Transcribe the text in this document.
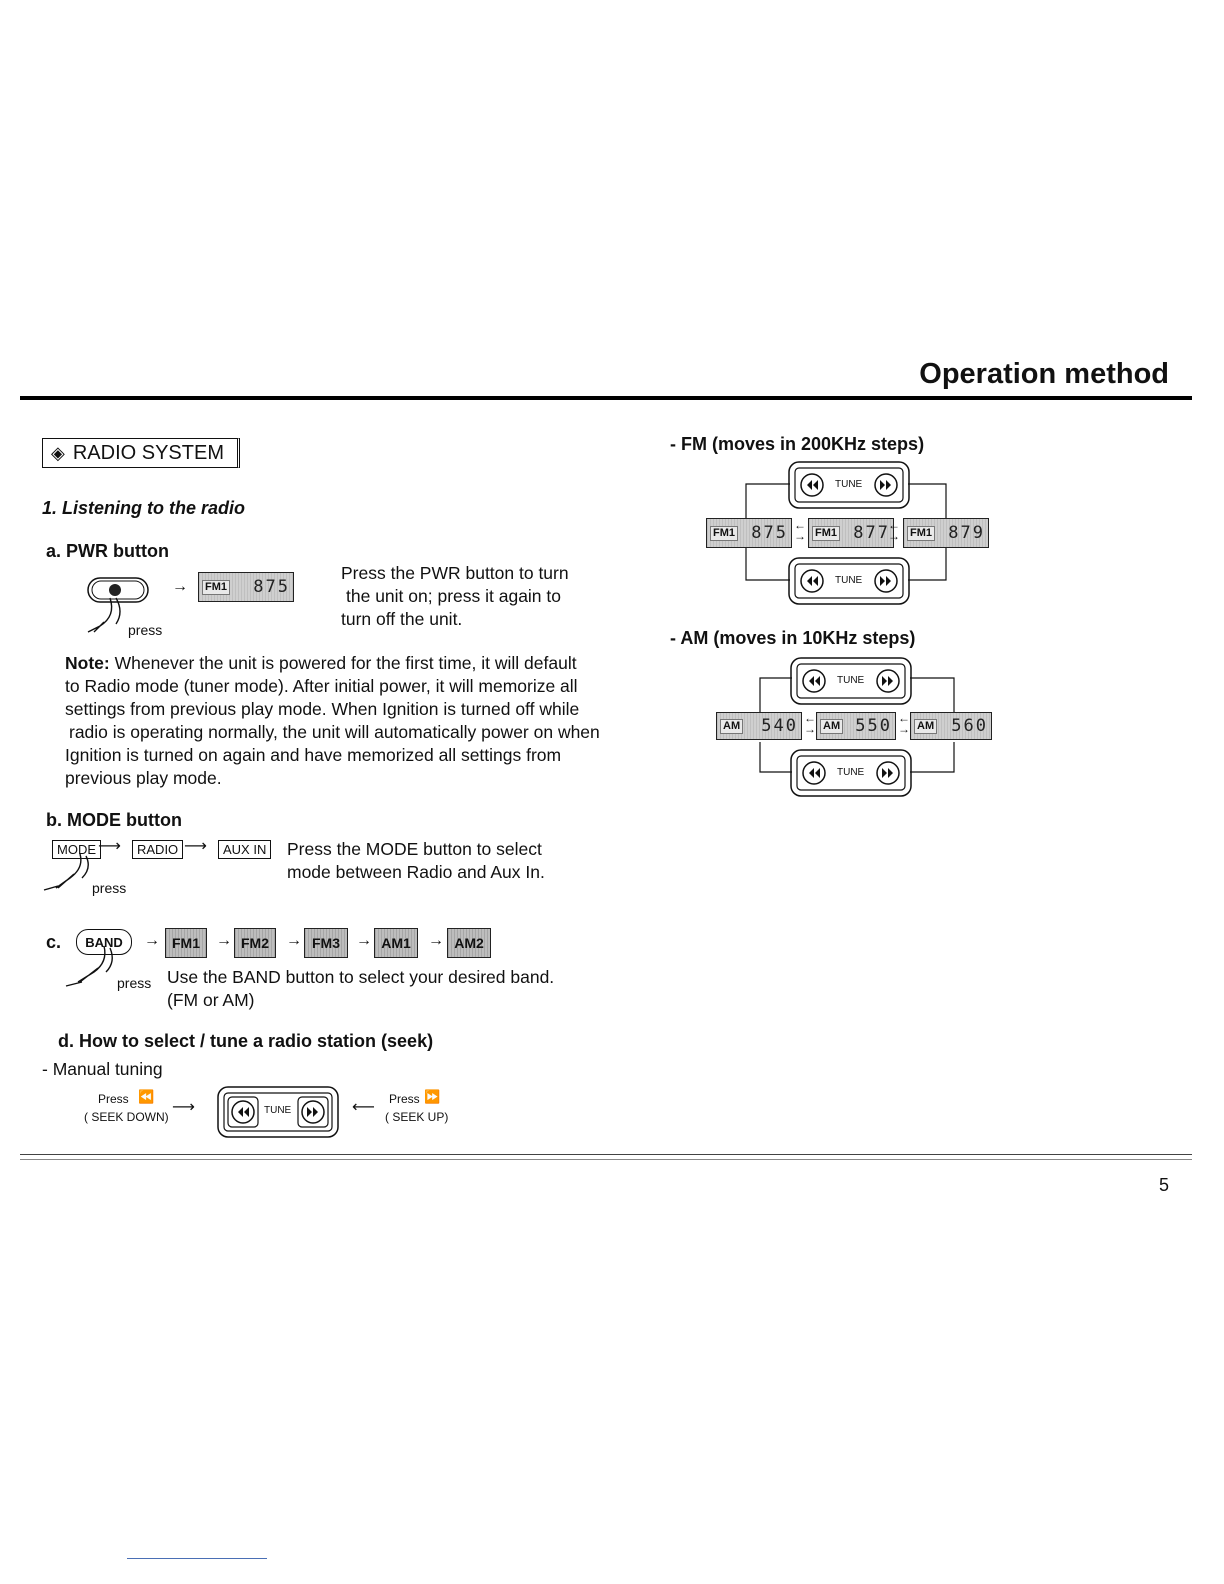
Operation method
◈ RADIO SYSTEM
1. Listening to the radio
a. PWR button
press
→ FM1 875
Press the PWR button to turn
the unit on; press it again to
turn off the unit.
Note: Whenever the unit is powered for the first time, it will default
to Radio mode (tuner mode). After initial power, it will memorize all
settings from previous play mode. When Ignition is turned off while
radio is operating normally, the unit will automatically power on when
Ignition is turned on again and have memorized all settings from
previous play mode.
b. MODE button
MODE ⟶	RADIO ⟶	AUX IN
press
Press the MODE button to select
mode between Radio and Aux In.
c.	BAND	→ FM1	→ FM2	→ FM3	→ AM1	→ AM2
press Use the BAND button to select your desired band.
(FM or AM)
d. How to select / tune a radio station (seek)
- Manual tuning
Press ⏪
( SEEK DOWN)
⟶	Press ⏩
( SEEK UP)
⟵
TUNE
- FM (moves in 200KHz steps)
TUNE
FM1 875 ←
→ FM1 877
←
→ FM1 879
TUNE
- AM (moves in 10KHz steps)
TUNE
AM 540 ←
→ AM 550 ←
→ AM 560
TUNE
5
